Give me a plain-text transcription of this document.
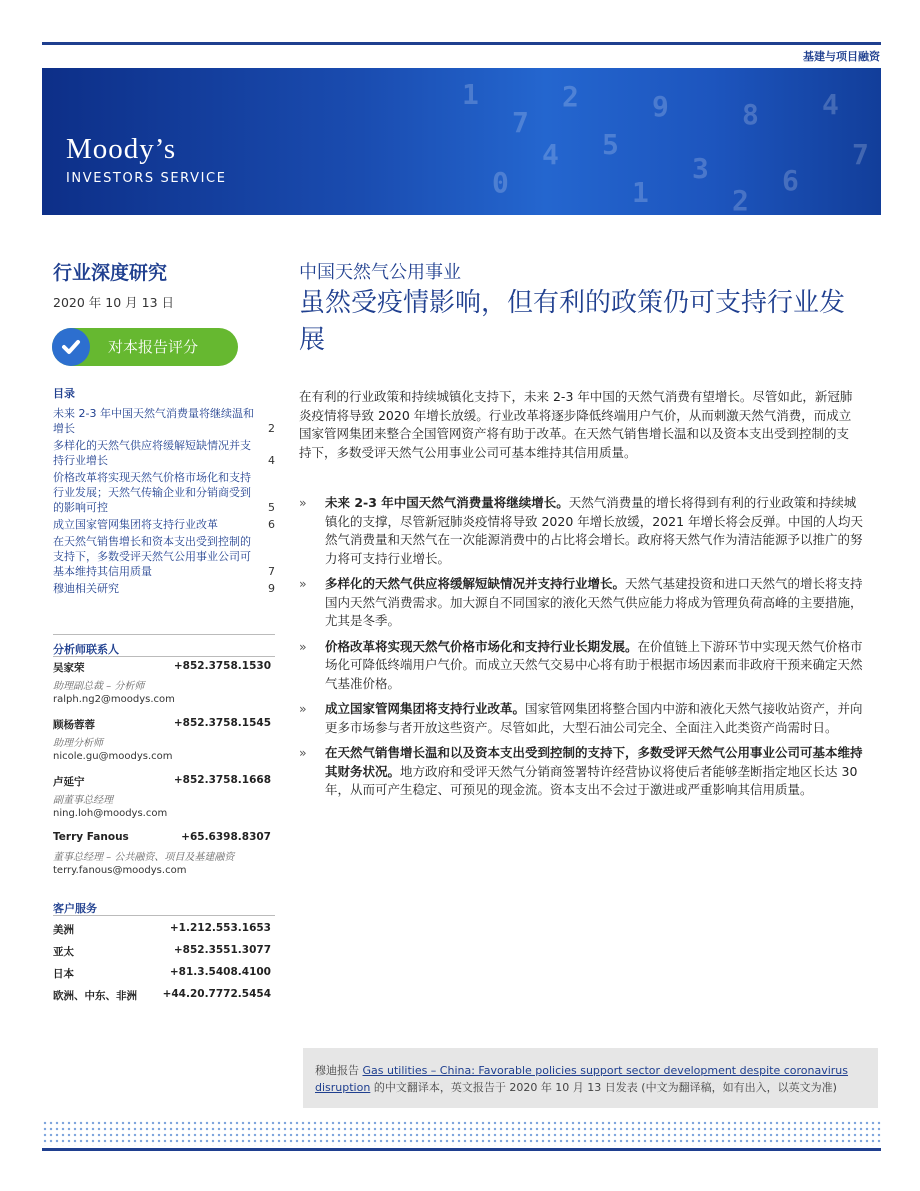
基建与项目融资
1
7
2
5
9
3
8
6
4
0
4
1	2
7
Moody’s
INVESTORS SERVICE
行业深度研究
2020 年 10 月 13 日
对本报告评分
目录
未来 2-3 年中国天然气消费量将继续温和增长	2
多样化的天然气供应将缓解短缺情况并支持行业增长	4
价格改革将实现天然气价格市场化和支持行业发展；天然气传输企业和分销商受到的影响可控	5
成立国家管网集团将支持行业改革	6
在天然气销售增长和资本支出受到控制的支持下，多数受评天然气公用事业公司可基本维持其信用质量	7
穆迪相关研究	9
分析师联系人
吴家荣	+852.3758.1530
助理副总裁 – 分析师
ralph.ng2@moodys.com
顾杨蓉蓉	+852.3758.1545
助理分析师
nicole.gu@moodys.com
卢延宁	+852.3758.1668
副董事总经理
ning.loh@moodys.com
Terry Fanous	+65.6398.8307
董事总经理 – 公共融资、项目及基建融资
terry.fanous@moodys.com
客户服务
美洲	+1.212.553.1653
亚太	+852.3551.3077
日本	+81.3.5408.4100
欧洲、中东、非洲 +44.20.7772.5454
中国天然气公用事业
虽然受疫情影响，但有利的政策仍可支持行业发展
在有利的行业政策和持续城镇化支持下，未来 2-3 年中国的天然气消费有望增长。尽管如此，新冠肺炎疫情将导致 2020 年增长放缓。行业改革将逐步降低终端用户气价，从而刺激天然气消费，而成立国家管网集团来整合全国管网资产将有助于改革。在天然气销售增长温和以及资本支出受到控制的支持下，多数受评天然气公用事业公司可基本维持其信用质量。
» 未来 2-3 年中国天然气消费量将继续增长。天然气消费量的增长将得到有利的行业政策和持续城镇化的支撑，尽管新冠肺炎疫情将导致 2020 年增长放缓，2021 年增长将会反弹。中国的人均天然气消费量和天然气在一次能源消费中的占比将会增长。政府将天然气作为清洁能源予以推广的努力将可支持行业增长。
» 多样化的天然气供应将缓解短缺情况并支持行业增长。天然气基建投资和进口天然气的增长将支持国内天然气消费需求。加大源自不同国家的液化天然气供应能力将成为管理负荷高峰的主要措施，尤其是冬季。
» 价格改革将实现天然气价格市场化和支持行业长期发展。在价值链上下游环节中实现天然气价格市场化可降低终端用户气价。而成立天然气交易中心将有助于根据市场因素而非政府干预来确定天然气基准价格。
» 成立国家管网集团将支持行业改革。国家管网集团将整合国内中游和液化天然气接收站资产，并向更多市场参与者开放这些资产。尽管如此，大型石油公司完全、全面注入此类资产尚需时日。
» 在天然气销售增长温和以及资本支出受到控制的支持下，多数受评天然气公用事业公司可基本维持其财务状况。地方政府和受评天然气分销商签署特许经营协议将使后者能够垄断指定地区长达 30 年，从而可产生稳定、可预见的现金流。资本支出不会过于激进或严重影响其信用质量。
穆迪报告 Gas utilities – China: Favorable policies support sector development despite coronavirus disruption 的中文翻译本，英文报告于 2020 年 10 月 13 日发表 (中文为翻译稿，如有出入，以英文为准)
